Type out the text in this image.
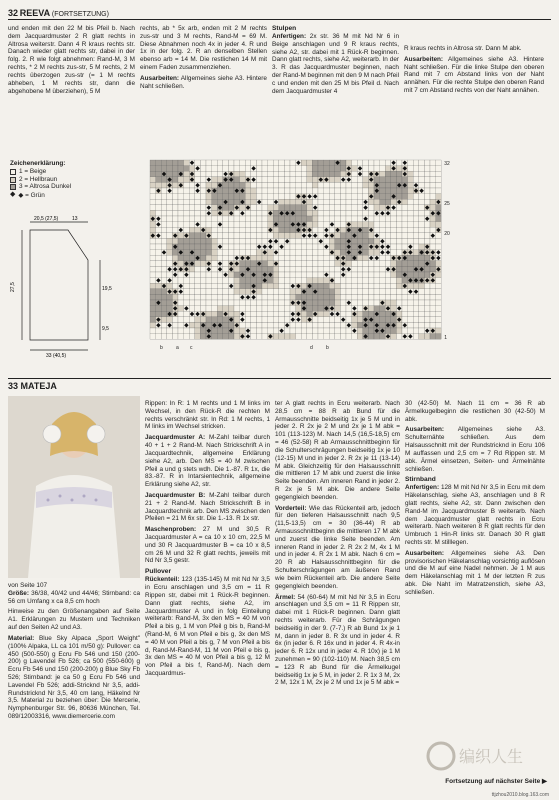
32 REEVA (FORTSETZUNG)
und enden mit den 22 M bis Pfeil b. Nach dem Jacquardmuster 2 R glatt rechts in Altrosa weiterstr. Dann 4 R kraus rechts str. Danach wieder glatt rechts str, dabei in der folg. 2. R wie folgt abnehmen: Rand-M, 3 M rechts, * 2 M rechts zus-str, 5 M rechts, 2 M rechts überzogen zus-str (= 1 M rechts abheben, 1 M rechts str, dann die abgehobene M überziehen), 5 M
rechts, ab * 5x arb, enden mit 2 M rechts zus-str und 3 M rechts, Rand-M = 69 M. Diese Abnahmen noch 4x in jeder 4. R und 1x in der folg. 2. R an denselben Stellen ebenso arb = 14 M. Die restlichen 14 M mit einem Faden zusammenziehen.
Ausarbeiten: Allgemeines siehe A3. Hintere Naht schließen.
Stulpen
Anfertigen: 2x str. 36 M mit Nd Nr 6 in Beige anschlagen und 9 R kraus rechts, siehe A2, str. dabei mit 1 Rück-R beginnen. Dann glatt rechts, siehe A2, weiterarb. In der 3. R das Jacquardmuster beginnen, nach der Rand-M beginnen mit den 9 M nach Pfeil c und enden mit den 25 M bis Pfeil d. Nach dem Jacquardmuster 4
R kraus rechts in Altrosa str. Dann M abk.
Ausarbeiten: Allgemeines siehe A3. Hintere Naht schließen. Für die linke Stulpe den oberen Rand mit 7 cm Abstand links von der Naht annähen. Für die rechte Stulpe den oberen Rand mit 7 cm Abstand rechts von der Naht annähen.
Zeichenerklärung:
1 = Beige
2 = Hellbraun
3 = Altrosa Dunkel
◆ ◆ = Grün
20,5 (27,5)	13
27,5	19,5
9,5
33 (40,5)
32
25
20
1
b	a c	d	b
33 MATEJA
von Seite 107
Größe: 36/38, 40/42 und 44/46; Stirnband: ca 56 cm Umfang x ca 8,5 cm hoch
Hinweise zu den Größenangaben auf Seite A1. Erklärungen zu Mustern und Techniken auf den Seiten A2 und A3.
Material: Blue Sky Alpaca „Sport Weight" (100% Alpaka, LL ca 101 m/50 g): Pullover: ca 450 (500-550) g Ecru Fb 546 und 150 (200-200) g Lavendel Fb 526; ca 500 (550-600) g Ecru Fb 546 und 150 (200-200) g Blue Sky Fb 526; Stirnband: je ca 50 g Ecru Fb 546 und Lavendel Fb 526; addi-Stricknd Nr 3,5, addi-Rundstricknd Nr 3,5, 40 cm lang, Häkelnd Nr 3,5. Material zu beziehen über: Die Mercerie, Nymphenburger Str. 96, 80636 München, Tel. 089/12003316, www.diemercerie.com
Rippen: In R: 1 M rechts und 1 M links im Wechsel, in den Rück-R die rechten M rechts verschränkt str. In Rd: 1 M rechts, 1 M links im Wechsel stricken.
Jacquardmuster A: M-Zahl teilbar durch 40 + 1 + 2 Rand-M. Nach Strickschrift A in Jacquardtechnik, allgemeine Erklärung siehe A2, arb. Den MS = 40 M zwischen Pfeil a und g stets wdh. Die 1.-87. R 1x, die 83.-87. R in Intarsientechnik, allgemeine Erklärung siehe A2, str.
Jacquardmuster B: M-Zahl teilbar durch 21 + 2 Rand-M. Nach Strickschrift B in Jacquardtechnik arb. Den MS zwischen den Pfeilen = 21 M 6x str. Die 1.-13. R 1x str.
Maschenproben: 27 M und 30,5 R Jacquardmuster A = ca 10 x 10 cm, 22,5 M und 30 R Jacquardmuster B = ca 10 x 8,5 cm 26 M und 32 R glatt rechts, jeweils mit Nd Nr 3,5 gestr.
Pullover
Rückenteil: 123 (135-145) M mit Nd Nr 3,5 in Ecru anschlagen und 3,5 cm = 11 R Rippen str, dabei mit 1 Rück-R beginnen. Dann glatt rechts, siehe A2, im Jacquardmuster A und in folg Einteilung weiterarb: Rand-M, 3x den MS = 40 M von Pfeil a bis g, 1 M von Pfeil g bis b, Rand-M (Rand-M, 6 M von Pfeil e bis g, 3x den MS = 40 M von Pfeil a bis g, 7 M von Pfeil a bis d, Rand-M-Rand-M, 11 M von Pfeil e bis g, 3x den MS = 40 M von Pfeil a bis g, 12 M von Pfeil a bis f, Rand-M). Nach dem Jacquardmus-
ter A glatt rechts in Ecru weiterarb. Nach 28,5 cm = 88 R ab Bund für die Armausschnitte beidseitig 1x je 5 M und in jeder 2. R 2x je 2 M und 2x je 1 M abk = 101 (113-123) M. Nach 14,5 (16,5-18,5) cm = 46 (52-58) R ab Armausschnittbeginn für die Schulterschrägungen beidseitig 1x je 10 (12-15) M und in jeder 2. R 2x je 11 (13-14) M abk. Gleichzeitig für den Halsausschnitt die mittleren 17 M abk und zuerst die linke Seite beenden. Am inneren Rand in jeder 2. R 2x je 5 M abk. Die andere Seite gegengleich beenden.
Vorderteil: Wie das Rückenteil arb, jedoch für den tieferen Halsausschnitt nach 9,5 (11,5-13,5) cm = 30 (36-44) R ab Armausschnittbeginn die mittleren 17 M abk und zuerst die linke Seite beenden. Am inneren Rand in jeder 2. R 2x 2 M, 4x 1 M und in jeder 4. R 2x 1 M abk. Nach 6 cm = 20 R ab Halsausschnittbeginn für die Schulterschrägungen am äußeren Rand wie beim Rückenteil arb. Die andere Seite gegengleich beenden.
Ärmel: 54 (60-64) M mit Nd Nr 3,5 in Ecru anschlagen und 3,5 cm = 11 R Rippen str, dabei mit 1 Rück-R beginnen. Dann glatt rechts weiterarb. Für die Schrägungen beidseitig in der 9. (7-7.) R ab Bund 1x je 1 M, dann in jeder 8. R 3x und in jeder 4. R 6x (in jeder 6. R 16x und in jeder 4. R 4x-in jeder 6. R 12x und in jeder 4. R 10x) je 1 M zunehmen = 90 (102-110) M. Nach 38,5 cm = 123 R ab Bund für die Ärmelkugel beidseitig 1x je 5 M, in jeder 2. R 1x 3 M, 2x 2 M, 12x 1 M, 2x je 2 M und 1x je 5 M abk =
30 (42-50) M. Nach 11 cm = 36 R ab Ärmelkugelbeginn die restlichen 30 (42-50) M abk.
Ausarbeiten: Allgemeines siehe A3. Schulternähte schließen. Aus dem Halsausschnitt mit der Rundstricknd in Ecru 106 M auffassen und 2,5 cm = 7 Rd Rippen str. M abk. Ärmel einsetzen, Seiten- und Ärmelnähte schließen.
Stirnband
Anfertigen: 128 M mit Nd Nr 3,5 in Ecru mit dem Häkelanschlag, siehe A3, anschlagen und 8 R glatt rechts, siehe A2, str. Dann zwischen den Rand-M im Jacquardmuster B weiterarb. Nach dem Jacquardmuster glatt rechts in Ecru weiterarb. Nach weiteren 8 R glatt rechts für den Umbruch 1 Hin-R links str. Danach 30 R glatt rechts str. M stilllegen.
Ausarbeiten: Allgemeines siehe A3. Den provisorischen Häkelanschlag vorsichtig auflösen und die M auf eine Nadel nehmen. Je 1 M aus dem Häkelanschlag mit 1 M der letzten R zus abk. Die Naht im Matratzenstich, siehe A3, schließen.
编织人生
Fortsetzung auf nächster Seite ▶
ttjzhou2010.blog.163.com
